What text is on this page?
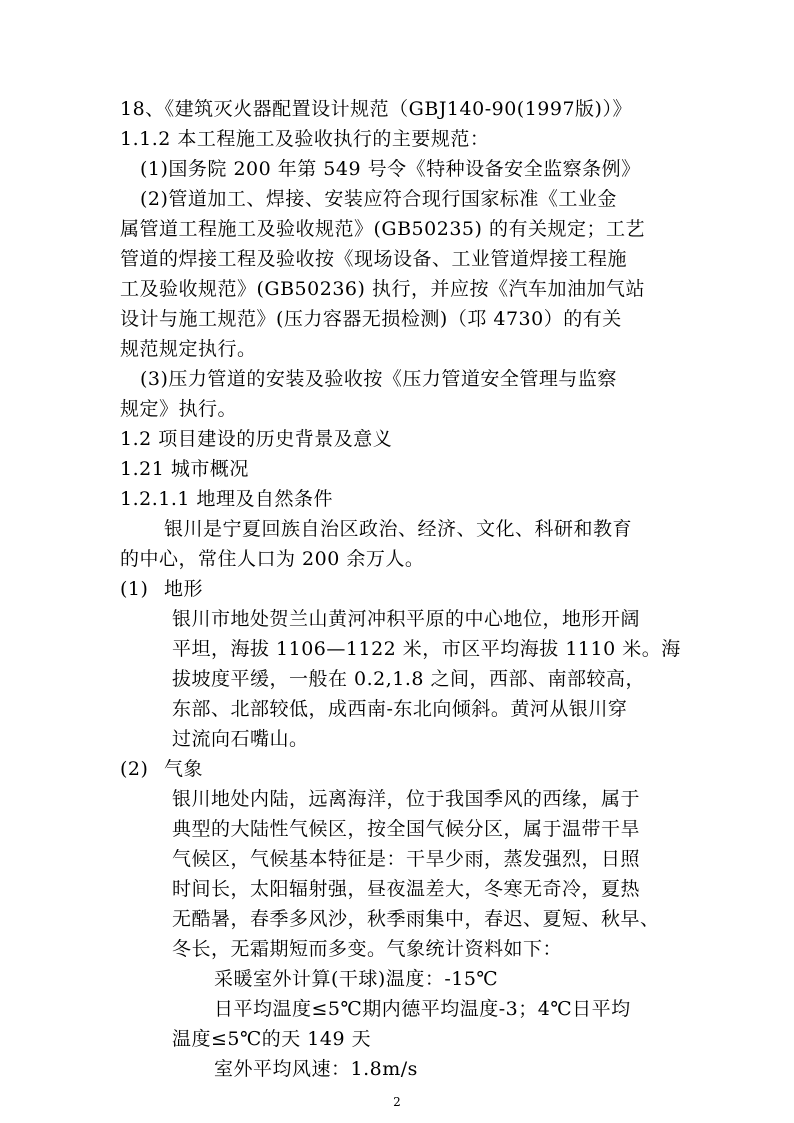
18、《建筑灭火器配置设计规范（GBJ140-90(1997版)）》
1.1.2 本工程施工及验收执行的主要规范：
(1)国务院 200 年第 549 号令《特种设备安全监察条例》
(2)管道加工、焊接、安装应符合现行国家标准《工业金
属管道工程施工及验收规范》(GB50235) 的有关规定；工艺
管道的焊接工程及验收按《现场设备、工业管道焊接工程施
工及验收规范》(GB50236) 执行，并应按《汽车加油加气站
设计与施工规范》(压力容器无损检测)（邛 4730）的有关
规范规定执行。
(3)压力管道的安装及验收按《压力管道安全管理与监察
规定》执行。
1.2 项目建设的历史背景及意义
1.21 城市概况
1.2.1.1 地理及自然条件
银川是宁夏回族自治区政治、经济、文化、科研和教育
的中心，常住人口为 200 余万人。
(1) 地形
银川市地处贺兰山黄河冲积平原的中心地位，地形开阔
平坦，海拔 1106—1122 米，市区平均海拔 1110 米。海
拔坡度平缓，一般在 0.2,1.8 之间，西部、南部较高，
东部、北部较低，成西南-东北向倾斜。黄河从银川穿
过流向石嘴山。
(2) 气象
银川地处内陆，远离海洋，位于我国季风的西缘，属于
典型的大陆性气候区，按全国气候分区，属于温带干旱
气候区，气候基本特征是：干旱少雨，蒸发强烈，日照
时间长，太阳辐射强，昼夜温差大，冬寒无奇冷，夏热
无酷暑，春季多风沙，秋季雨集中，春迟、夏短、秋早、
冬长，无霜期短而多变。气象统计资料如下：
采暖室外计算(干球)温度：-15℃
日平均温度≤5℃期内德平均温度-3；4℃日平均
温度≤5℃的天 149 天
室外平均风速：1.8m/s
2
